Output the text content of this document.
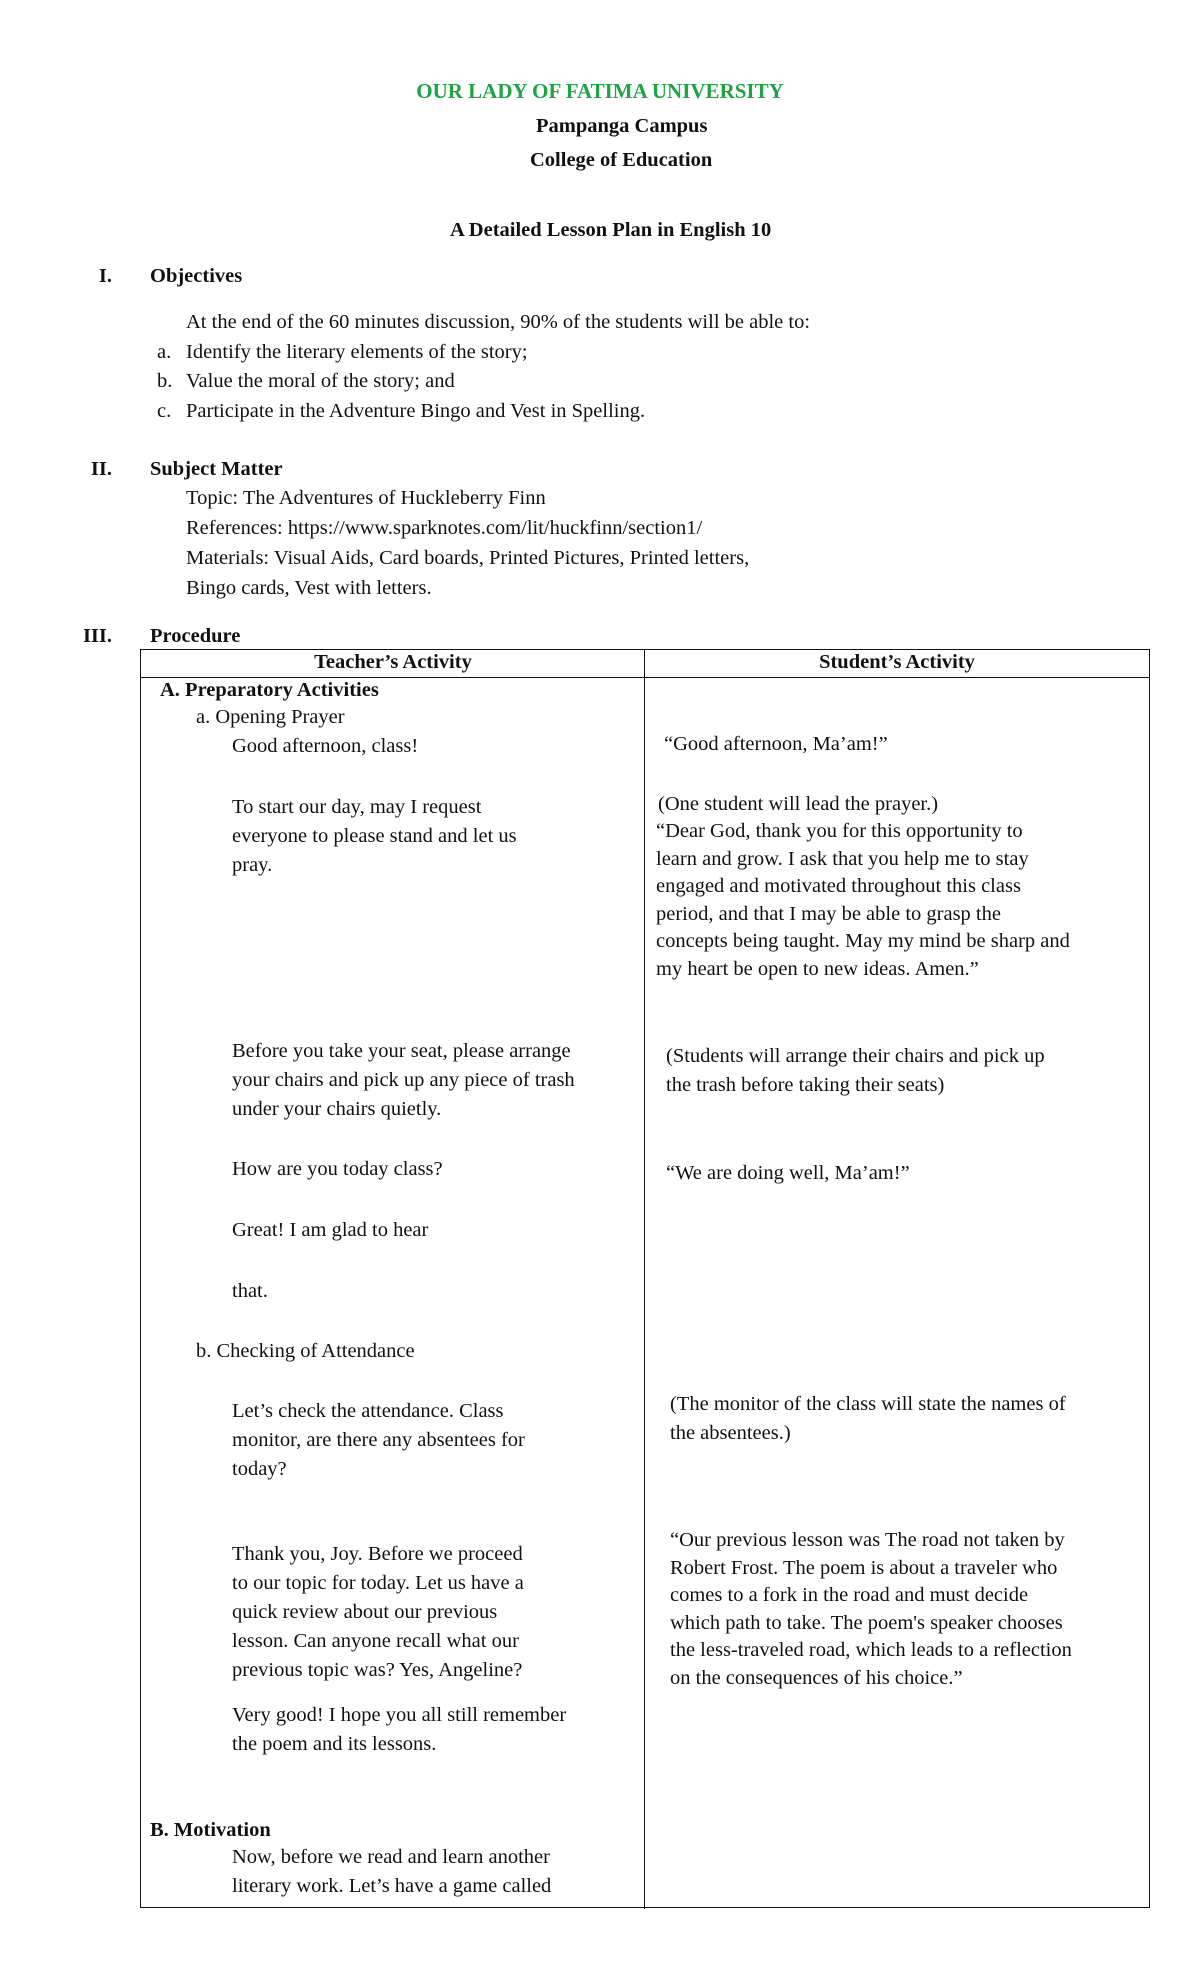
OUR LADY OF FATIMA UNIVERSITY
Pampanga Campus
College of Education
A Detailed Lesson Plan in English 10
I. Objectives
At the end of the 60 minutes discussion, 90% of the students will be able to:
a. Identify the literary elements of the story;
b. Value the moral of the story; and
c. Participate in the Adventure Bingo and Vest in Spelling.
II. Subject Matter
Topic: The Adventures of Huckleberry Finn
References: https://www.sparknotes.com/lit/huckfinn/section1/
Materials: Visual Aids, Card boards, Printed Pictures, Printed letters,
Bingo cards, Vest with letters.
III. Procedure
Teacher’s Activity	Student’s Activity
A. Preparatory Activities
a. Opening Prayer
Good afternoon, class!
To start our day, may I request
everyone to please stand and let us
pray.
Before you take your seat, please arrange
your chairs and pick up any piece of trash
under your chairs quietly.
How are you today class?
Great! I am glad to hear
that.
b. Checking of Attendance
Let’s check the attendance. Class
monitor, are there any absentees for
today?
Thank you, Joy. Before we proceed
to our topic for today. Let us have a
quick review about our previous
lesson. Can anyone recall what our
previous topic was? Yes, Angeline?
Very good! I hope you all still remember
the poem and its lessons.
B. Motivation
Now, before we read and learn another
literary work. Let’s have a game called
“Good afternoon, Ma’am!”
(One student will lead the prayer.)
“Dear God, thank you for this opportunity to
learn and grow. I ask that you help me to stay
engaged and motivated throughout this class
period, and that I may be able to grasp the
concepts being taught. May my mind be sharp and
my heart be open to new ideas. Amen.”
(Students will arrange their chairs and pick up
the trash before taking their seats)
“We are doing well, Ma’am!”
(The monitor of the class will state the names of
the absentees.)
“Our previous lesson was The road not taken by
Robert Frost. The poem is about a traveler who
comes to a fork in the road and must decide
which path to take. The poem's speaker chooses
the less-traveled road, which leads to a reflection
on the consequences of his choice.”
